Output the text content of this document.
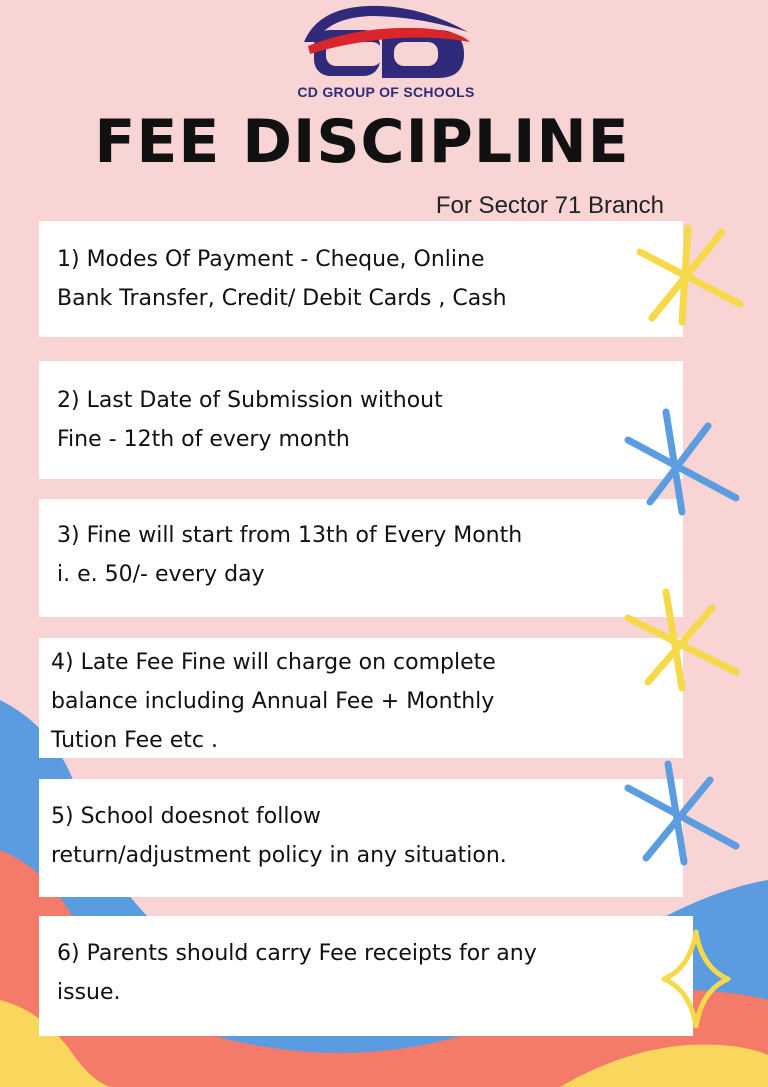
CD GROUP OF SCHOOLS
FEE DISCIPLINE
For Sector 71 Branch
1) Modes Of Payment - Cheque, Online
Bank Transfer, Credit/ Debit Cards , Cash
2) Last Date of Submission without
Fine - 12th of every month
3) Fine will start from 13th of Every Month
i. e. 50/- every day
4) Late Fee Fine will charge on complete
balance including Annual Fee + Monthly
Tution Fee etc .
5) School doesnot follow
return/adjustment policy in any situation.
6) Parents should carry Fee receipts for any
issue.
